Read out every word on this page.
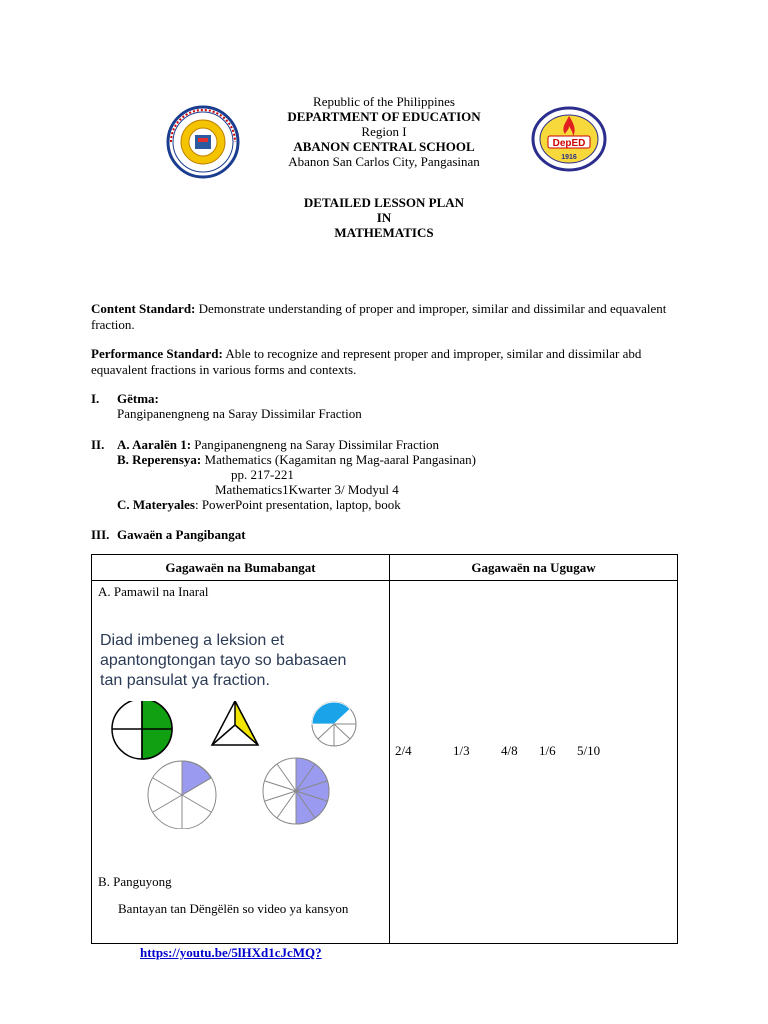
DepED
1916
Republic of the Philippines
DEPARTMENT OF EDUCATION
Region I
ABANON CENTRAL SCHOOL
Abanon San Carlos City, Pangasinan
DETAILED LESSON PLAN
IN
MATHEMATICS
Content Standard: Demonstrate understanding of proper and improper, similar and dissimilar and equavalent fraction.
Performance Standard: Able to recognize and represent proper and improper, similar and dissimilar abd equavalent fractions in various forms and contexts.
I. Gëtma:
Pangipanengneng na Saray Dissimilar Fraction
II. A. Aaralën 1: Pangipanengneng na Saray Dissimilar Fraction
B. Reperensya: Mathematics (Kagamitan ng Mag-aaral Pangasinan)
pp. 217-221
Mathematics1Kwarter 3/ Modyul 4
C. Materyales: PowerPoint presentation, laptop, book
III. Gawaën a Pangibangat
Gagawaën na Bumabangat	Gagawaën na Ugugaw

A. Pamawil na Inaral
Diad imbeneg a leksion et apantongtongan tayo so babasaen tan pansulat ya fraction.
B. Panguyong
Bantayan tan Dëngëlën so video ya kansyon
https://youtu.be/5lHXd1cJcMQ?	2/4 1/3 4/8 1/6 5/10
